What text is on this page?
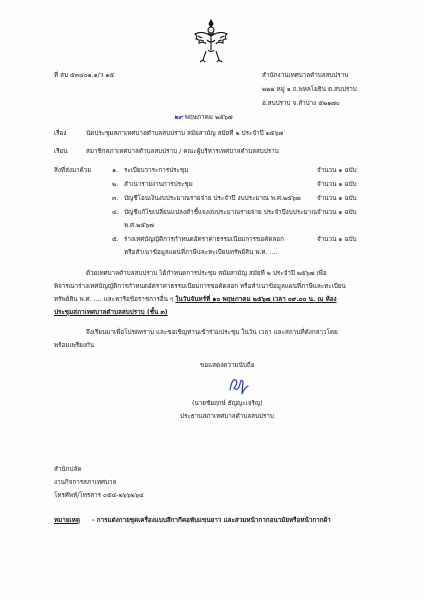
ที่ สบ ๕๓๔๐๑.๑/ว ๑๕	สำนักงานเทศบาลตำบลสบปราบ
๒๒๒ หมู่ ๑ ถ.พหลโยธิน ต.สบปราบ
อ.สบปราบ จ.ลำปาง ๕๒๑๗๐
๒๙ พฤษภาคม ๒๕๖๗
เรื่อง	นัดประชุมสภาเทศบาลตำบลสบปราบ สมัยสามัญ สมัยที่ ๒ ประจำปี ๒๕๖๗
เรียน	สมาชิกสภาเทศบาลตำบลสบปราบ / คณะผู้บริหารเทศบาลตำบลสบปราบ
สิ่งที่ส่งมาด้วย	๑. ระเบียบวาระการประชุม	จำนวน ๑ ฉบับ
๒. สำเนารายงานการประชุม	จำนวน ๑ ฉบับ
๓. บัญชีโอนเงินงบประมาณรายจ่าย ประจำปี งบประมาณ พ.ศ.๒๕๖๗	จำนวน ๑ ฉบับ
๔. บัญชีแก้ไขเปลี่ยนแปลงคำชี้แจงงบประมาณรายจ่าย ประจำปีงบประมาณ จำนวน ๑ ฉบับ
พ.ศ.๒๕๖๗
๕. ร่างเทศบัญญัติการกำหนดอัตราค่าธรรมเนียมการขอคัดลอก	จำนวน ๑ ฉบับ
หรือสำเนาข้อมูลแผนที่ภาษีและทะเบียนทรัพย์สิน พ.ศ. ....
ด้วยเทศบาลตำบลสบปราบ ได้กำหนดการประชุม สมัยสามัญ สมัยที่ ๒ ประจำปี ๒๕๖๗ เพื่อ
พิจารณาร่างเทศบัญญัติการกำหนดอัตราค่าธรรมเนียมการขอคัดลอก หรือสำเนาข้อมูลแผนที่ภาษีและทะเบียน
ทรัพย์สิน พ.ศ. .... และหารือข้อราชการอื่น ๆ ในวันจันทร์ที่ ๑๐ พฤษภาคม ๒๕๖๗ เวลา ๐๙.๐๐ น. ณ ห้อง
ประชุมสภาเทศบาลตำบลสบปราบ (ชั้น ๓)
จึงเรียนมาเพื่อโปรดทราบ และขอเชิญท่านเข้าร่วมประชุม ในวัน เวลา และสถานที่ดังกล่าวโดย
พร้อมเพรียงกัน
ขอแสดงความนับถือ
(นายชัยฤกษ์ ธัญญะเจริญ)
ประธานสภาเทศบาลตำบลสบปราบ
สำนักปลัด
งานกิจการสภาเทศบาล
โทรศัพท์/โทรสาร ๐๕๔-๒๖๖๒๖๔
หมายเหตุ - การแต่งกายชุดเครื่องแบบสีกากีคอพับแขนยาว และสวมหน้ากากอนามัยหรือหน้ากากผ้า
